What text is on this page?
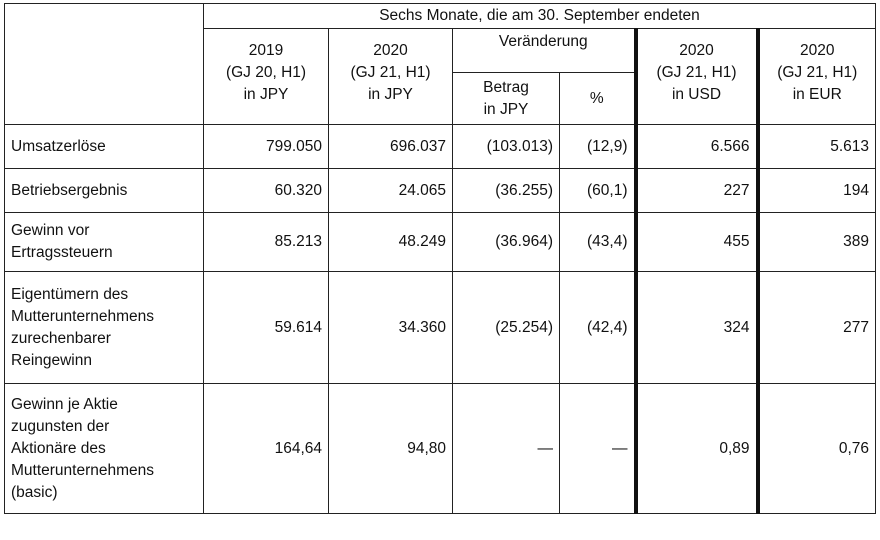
	Sechs Monate, die am 30. September endeten					

	2019
(GJ 20, H1)
in JPY	2020
(GJ 21, H1)
in JPY	Veränderung		2020
(GJ 21, H1)
in USD	2020
(GJ 21, H1)
in EUR

			Betrag
in JPY	%		

Umsatzerlöse	799.050	696.037	(103.013)	(12,9)	6.566	5.613

Betriebsergebnis	60.320	24.065	(36.255)	(60,1)	227	194

Gewinn vor
Ertragssteuern	85.213	48.249	(36.964)	(43,4)	455	389

Eigentümern des
Mutterunternehmens
zurechenbarer
Reingewinn	59.614	34.360	(25.254)	(42,4)	324	277

Gewinn je Aktie
zugunsten der
Aktionäre des
Mutterunternehmens
(basic)	164,64	94,80	—	—	0,89	0,76
